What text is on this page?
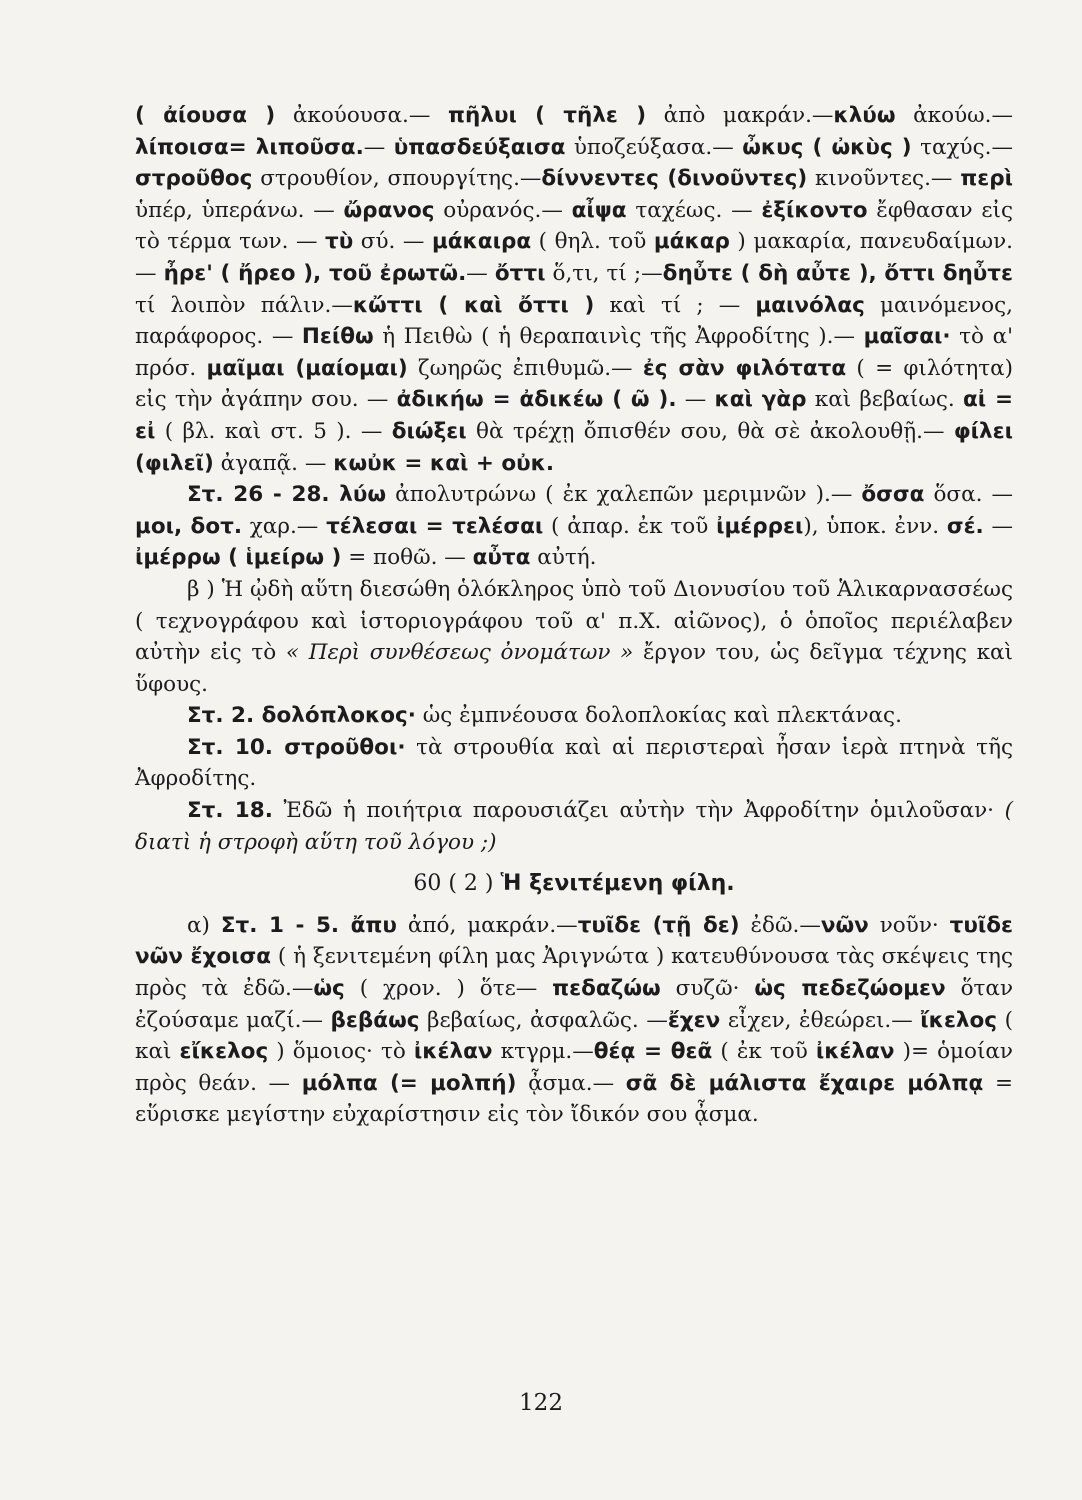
( ἀίουσα ) ἀκούουσα.— πῆλυι ( τῆλε ) ἀπὸ μακράν.—κλύω ἀκούω.— λίποισα= λιποῦσα.— ὑπασδεύξαισα ὑποζεύξασα.— ὦκυς ( ὠκὺς ) ταχύς.—στροῦθος στρουθίον, σπουργίτης.—δίννεντες (δινοῦντες) κινοῦντες.— περὶ ὑπέρ, ὑπεράνω. — ὤρανος οὐρανός.— αἶψα ταχέως. — ἐξίκοντο ἔφθασαν εἰς τὸ τέρμα των. — τὺ σύ. — μάκαιρα ( θηλ. τοῦ μάκαρ ) μακαρία, πανευδαίμων. — ἦρε' ( ἤρεο ), τοῦ ἐρωτῶ.— ὄττι ὅ,τι, τί ;—δηὖτε ( δὴ αὖτε ), ὄττι δηὖτε τί λοιπὸν πάλιν.—κὤττι ( καὶ ὄττι ) καὶ τί ; — μαινόλας μαινόμενος, παράφορος. — Πείθω ἡ Πειθὼ ( ἡ θεραπαινὶς τῆς Ἀφροδίτης ).— μαῖσαι· τὸ α' πρόσ. μαῖμαι (μαίομαι) ζωηρῶς ἐπιθυμῶ.— ἐς σὰν φιλότατα ( = φιλότητα) εἰς τὴν ἀγάπην σου. — ἀδικήω = ἀδικέω ( ῶ ). — καὶ γὰρ καὶ βεβαίως. αἰ = εἰ ( βλ. καὶ στ. 5 ). — διώξει θὰ τρέχῃ ὄπισθέν σου, θὰ σὲ ἀκολουθῇ.— φίλει (φιλεῖ) ἀγαπᾷ. — κωὐκ = καὶ + οὐκ.

Στ. 26 - 28. λύω ἀπολυτρώνω ( ἐκ χαλεπῶν μεριμνῶν ).— ὄσσα ὅσα. — μοι, δοτ. χαρ.— τέλεσαι = τελέσαι ( ἀπαρ. ἐκ τοῦ ἰμέρρει), ὑποκ. ἐνν. σέ. — ἰμέρρω ( ἱμείρω ) = ποθῶ. — αὖτα αὐτή.

β ) Ἡ ᾠδὴ αὕτη διεσώθη ὁλόκληρος ὑπὸ τοῦ Διονυσίου τοῦ Ἁλικαρνασσέως ( τεχνογράφου καὶ ἱστοριογράφου τοῦ α' π.Χ. αἰῶνος), ὁ ὁποῖος περιέλαβεν αὐτὴν εἰς τὸ « Περὶ συνθέσεως ὀνομάτων » ἔργον του, ὡς δεῖγμα τέχνης καὶ ὕφους.

Στ. 2. δολόπλοκος· ὡς ἐμπνέουσα δολοπλοκίας καὶ πλεκτάνας.

Στ. 10. στροῦθοι· τὰ στρουθία καὶ αἱ περιστεραὶ ἦσαν ἱερὰ πτηνὰ τῆς Ἀφροδίτης.

Στ. 18. Ἐδῶ ἡ ποιήτρια παρουσιάζει αὐτὴν τὴν Ἀφροδίτην ὁμιλοῦσαν· ( διατὶ ἡ στροφὴ αὕτη τοῦ λόγου ;)

60 ( 2 ) Ἡ ξενιτέμενη φίλη.

α) Στ. 1 - 5. ἄπυ ἀπό, μακράν.—τυῖδε (τῇ δε) ἐδῶ.—νῶν νοῦν· τυῖδε νῶν ἔχοισα ( ἡ ξενιτεμένη φίλη μας Ἀριγνώτα ) κατευθύνουσα τὰς σκέψεις της πρὸς τὰ ἐδῶ.—ὡς ( χρον. ) ὅτε— πεδαζώω συζῶ· ὡς πεδεζώομεν ὅταν ἐζούσαμε μαζί.— βεβάως βεβαίως, ἀσφαλῶς. —ἔχεν εἶχεν, ἐθεώρει.— ἴκελος ( καὶ εἴκελος ) ὅμοιος· τὸ ἰκέλαν κτγρμ.—θέᾳ = θεᾶ ( ἐκ τοῦ ἰκέλαν )= ὁμοίαν πρὸς θεάν. — μόλπα (= μολπή) ᾆσμα.— σᾶ δὲ μάλιστα ἔχαιρε μόλπᾳ = εὕρισκε μεγίστην εὐχαρίστησιν εἰς τὸν ἴδικόν σου ᾆσμα.

122
